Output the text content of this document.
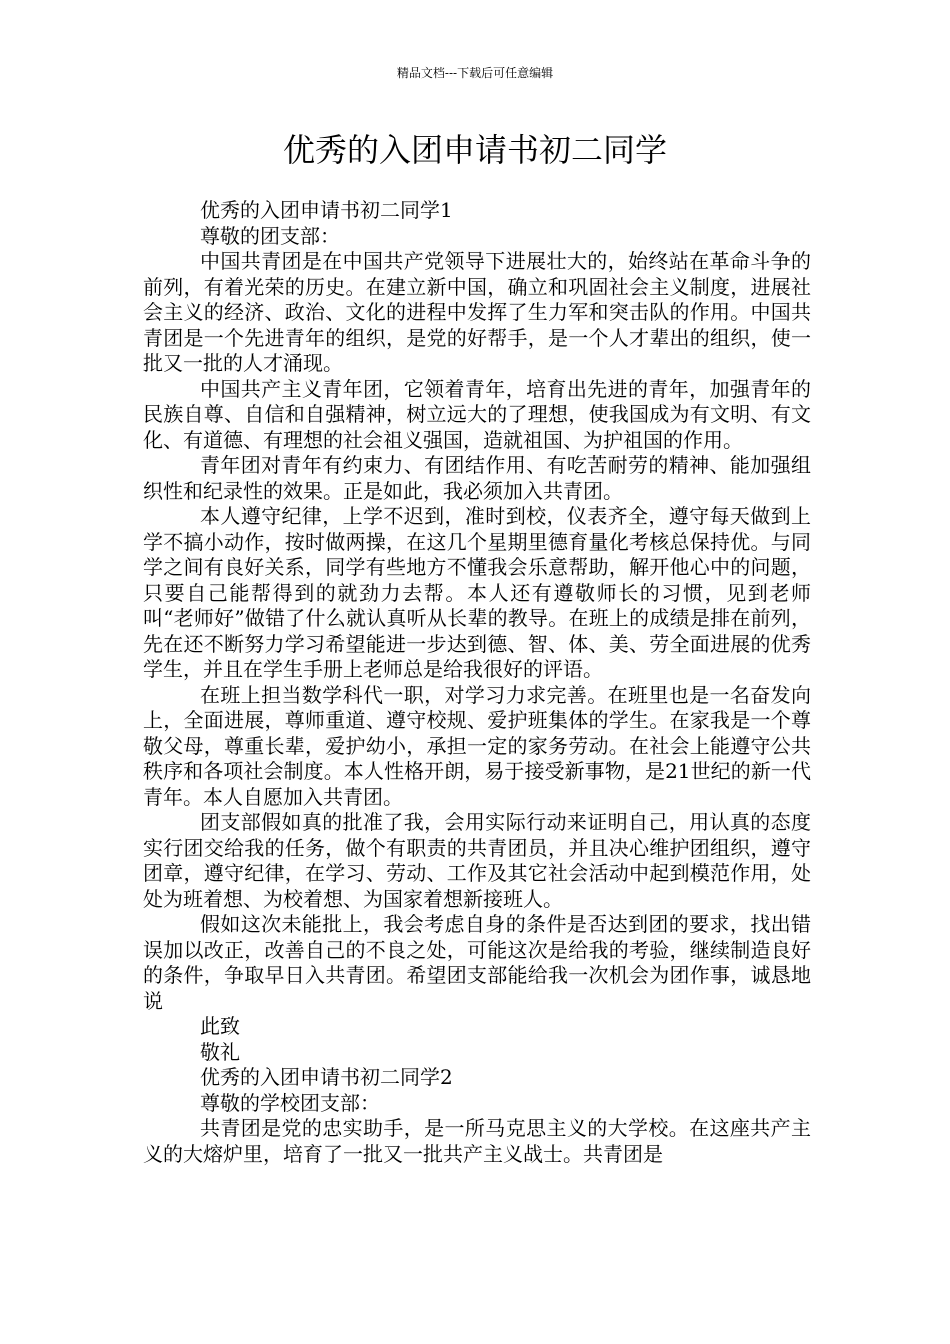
精品文档---下载后可任意编辑
优秀的入团申请书初二同学

优秀的入团申请书初二同学1

尊敬的团支部：

中国共青团是在中国共产党领导下进展壮大的，始终站在革命斗争的前列，有着光荣的历史。在建立新中国，确立和巩固社会主义制度，进展社会主义的经济、政治、文化的进程中发挥了生力军和突击队的作用。中国共青团是一个先进青年的组织，是党的好帮手，是一个人才辈出的组织，使一批又一批的人才涌现。

中国共产主义青年团，它领着青年，培育出先进的青年，加强青年的民族自尊、自信和自强精神，树立远大的了理想，使我国成为有文明、有文化、有道德、有理想的社会祖义强国，造就祖国、为护祖国的作用。

青年团对青年有约束力、有团结作用、有吃苦耐劳的精神、能加强组织性和纪录性的效果。正是如此，我必须加入共青团。

本人遵守纪律，上学不迟到，准时到校，仪表齐全，遵守每天做到上学不搞小动作，按时做两操，在这几个星期里德育量化考核总保持优。与同学之间有良好关系，同学有些地方不懂我会乐意帮助，解开他心中的问题，只要自己能帮得到的就劲力去帮。本人还有遵敬师长的习惯，见到老师叫“老师好”做错了什么就认真听从长辈的教导。在班上的成绩是排在前列，先在还不断努力学习希望能进一步达到德、智、体、美、劳全面进展的优秀学生，并且在学生手册上老师总是给我很好的评语。

在班上担当数学科代一职，对学习力求完善。在班里也是一名奋发向上，全面进展，尊师重道、遵守校规、爱护班集体的学生。在家我是一个尊敬父母，尊重长辈，爱护幼小，承担一定的家务劳动。在社会上能遵守公共秩序和各项社会制度。本人性格开朗，易于接受新事物，是21世纪的新一代青年。本人自愿加入共青团。

团支部假如真的批准了我，会用实际行动来证明自己，用认真的态度实行团交给我的任务，做个有职责的共青团员，并且决心维护团组织，遵守团章，遵守纪律，在学习、劳动、工作及其它社会活动中起到模范作用，处处为班着想、为校着想、为国家着想新接班人。

假如这次未能批上，我会考虑自身的条件是否达到团的要求，找出错误加以改正，改善自己的不良之处，可能这次是给我的考验，继续制造良好的条件，争取早日入共青团。希望团支部能给我一次机会为团作事，诚恳地说

此致

敬礼

优秀的入团申请书初二同学2

尊敬的学校团支部：

共青团是党的忠实助手，是一所马克思主义的大学校。在这座共产主义的大熔炉里，培育了一批又一批共产主义战士。共青团是
